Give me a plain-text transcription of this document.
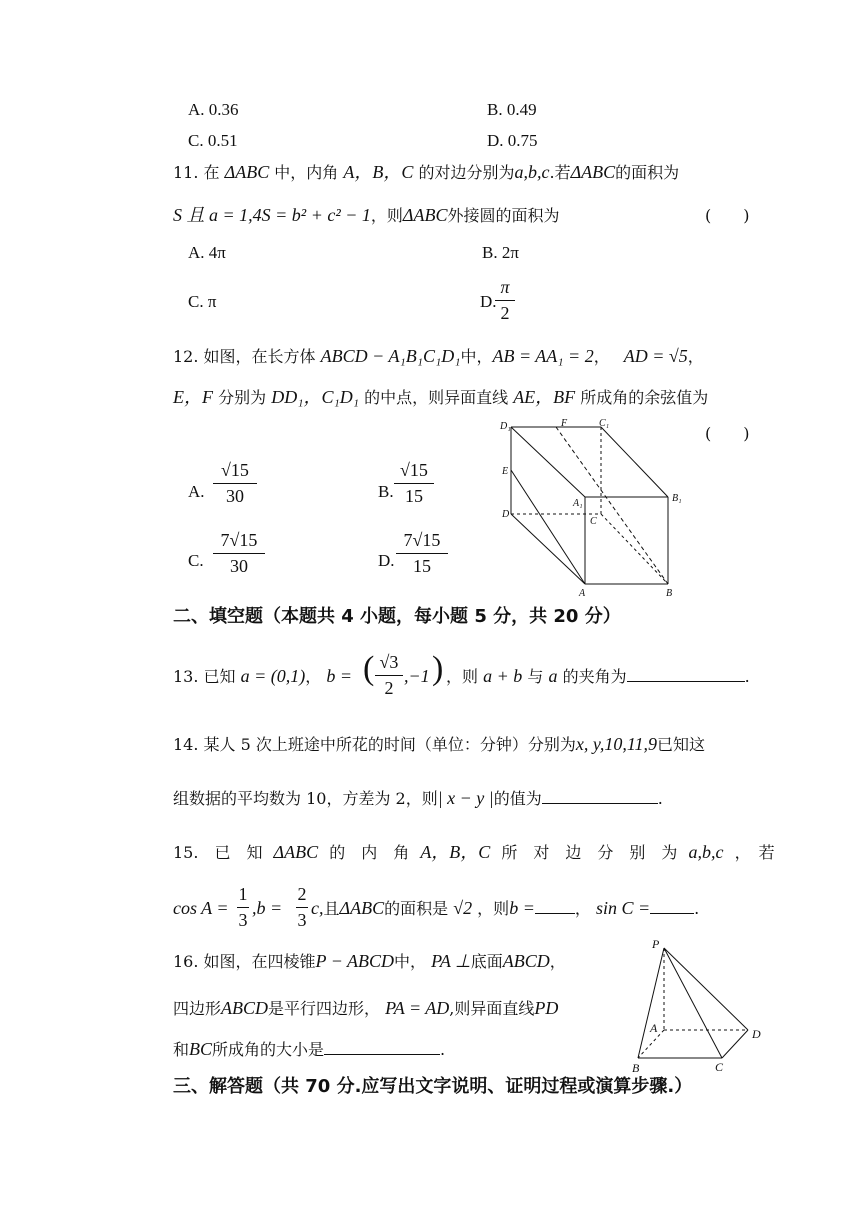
A. 0.36	B. 0.49
C. 0.51	D. 0.75
11. 在 ΔABC 中，内角 A，B，C 的对边分别为a,b,c.若ΔABC的面积为
S 且 a = 1,4S = b² + c² − 1，则ΔABC外接圆的面积为	(　　)
A. 4π	B. 2π
C. π	D.
π
2
12. 如图，在长方体 ABCD − A₁B₁C₁D₁中，AB = AA₁ = 2， AD = √5，
E，F 分别为 DD₁，C₁D₁ 的中点，则异面直线 AE，BF 所成角的余弦值为
(　　)
A.
√15
30	B.
√15
15
C.
7√15
30	D.
7√15
15
D₁	F	C₁
E
A₁	B₁
D
C
A	B
二、填空题（本题共 4 小题，每小题 5 分，共 20 分）
13. 已知 a = (0,1)， b = ( √3
2
,−1 ) ，则 a + b 与 a 的夹角为	.
14. 某人 5 次上班途中所花的时间（单位：分钟）分别为x, y,10,11,9已知这
组数据的平均数为 10，方差为 2，则| x − y |的值为	.
15.　已　知 ΔABC 的　内　角 A，B，C 所　对　边　分　别　为 a,b,c ，　若
cos A =
1
3
,b =
2
3
c,且ΔABC的面积是 √2 ，则b =	， sin C =	.
16. 如图，在四棱锥P − ABCD中， PA ⊥底面ABCD，
四边形ABCD是平行四边形， PA = AD,则异面直线PD
和BC所成角的大小是	.
P
A	D
B	C
三、解答题（共 70 分.应写出文字说明、证明过程或演算步骤.）
